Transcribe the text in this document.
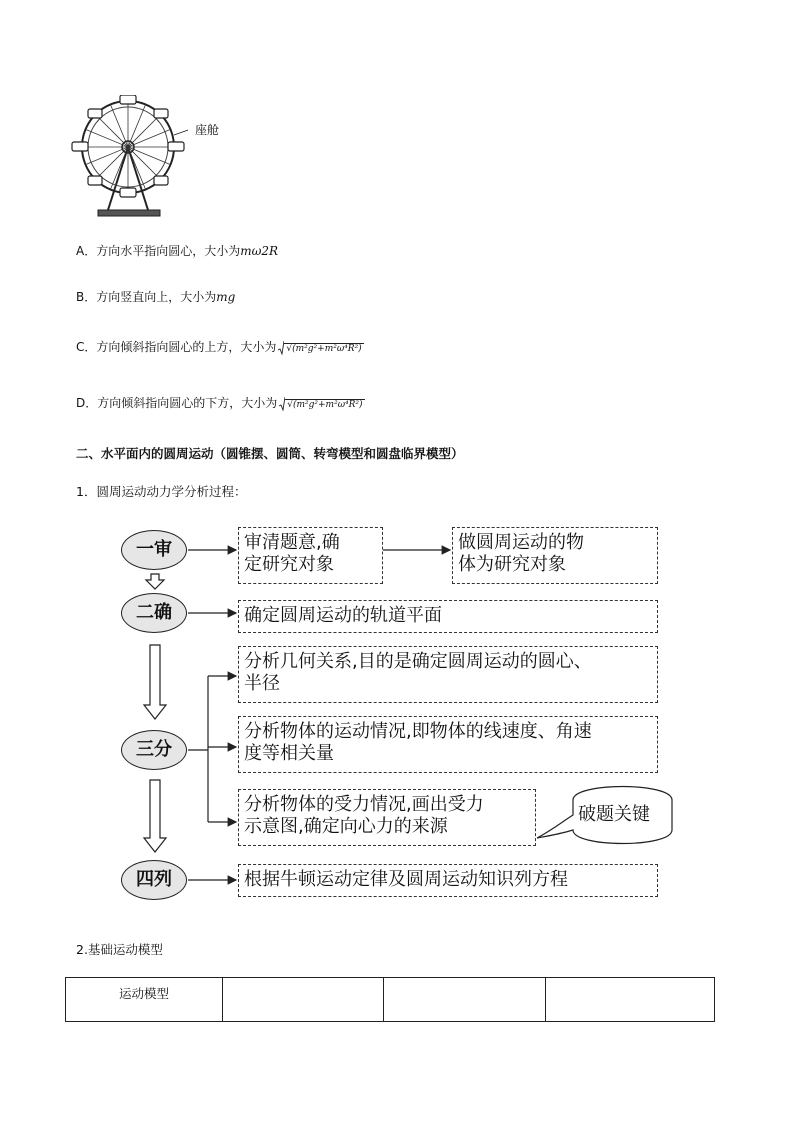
座舱
A．方向水平指向圆心，大小为mω2R
B．方向竖直向上，大小为mg
C．方向倾斜指向圆心的上方，大小为 √(m²g²+m²ω⁴R²)
D．方向倾斜指向圆心的下方，大小为 √(m²g²+m²ω⁴R²)
二、水平面内的圆周运动（圆锥摆、圆筒、转弯模型和圆盘临界模型）
1．圆周运动动力学分析过程：
一审
二确
三分
四列
审清题意,确
定研究对象
做圆周运动的物
体为研究对象
确定圆周运动的轨道平面
分析几何关系,目的是确定圆周运动的圆心、
半径
分析物体的运动情况,即物体的线速度、角速
度等相关量
分析物体的受力情况,画出受力
示意图,确定向心力的来源
破题关键
根据牛顿运动定律及圆周运动知识列方程
2.基础运动模型
运动模型			
